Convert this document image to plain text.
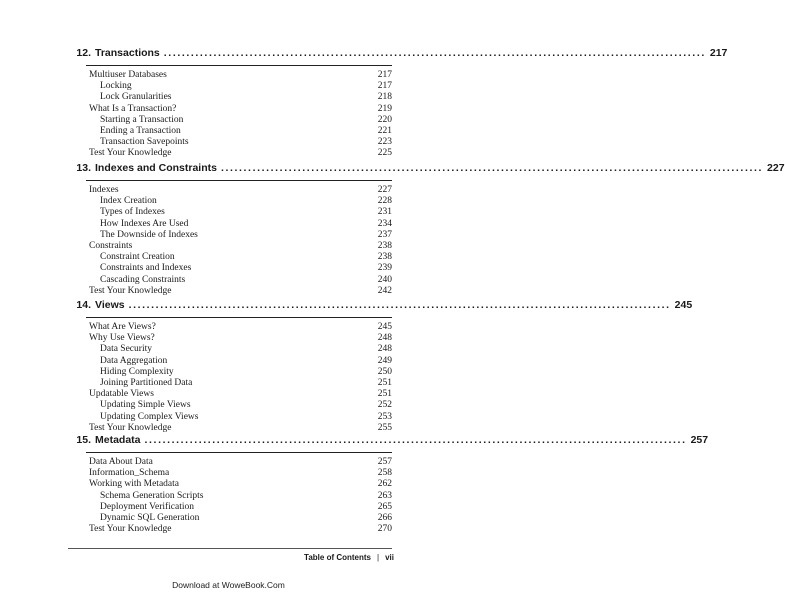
12. Transactions ........................................................................................................................ 217
Multiuser Databases	217
Locking	217
Lock Granularities	218
What Is a Transaction?	219
Starting a Transaction	220
Ending a Transaction	221
Transaction Savepoints	223
Test Your Knowledge	225
13. Indexes and Constraints ........................................................................................................................ 227
Indexes	227
Index Creation	228
Types of Indexes	231
How Indexes Are Used	234
The Downside of Indexes	237
Constraints	238
Constraint Creation	238
Constraints and Indexes	239
Cascading Constraints	240
Test Your Knowledge	242
14. Views ........................................................................................................................ 245
What Are Views?	245
Why Use Views?	248
Data Security	248
Data Aggregation	249
Hiding Complexity	250
Joining Partitioned Data	251
Updatable Views	251
Updating Simple Views	252
Updating Complex Views	253
Test Your Knowledge	255
15. Metadata ........................................................................................................................ 257
Data About Data	257
Information_Schema	258
Working with Metadata	262
Schema Generation Scripts	263
Deployment Verification	265
Dynamic SQL Generation	266
Test Your Knowledge	270
Table of Contents | vii
Download at WoweBook.Com
